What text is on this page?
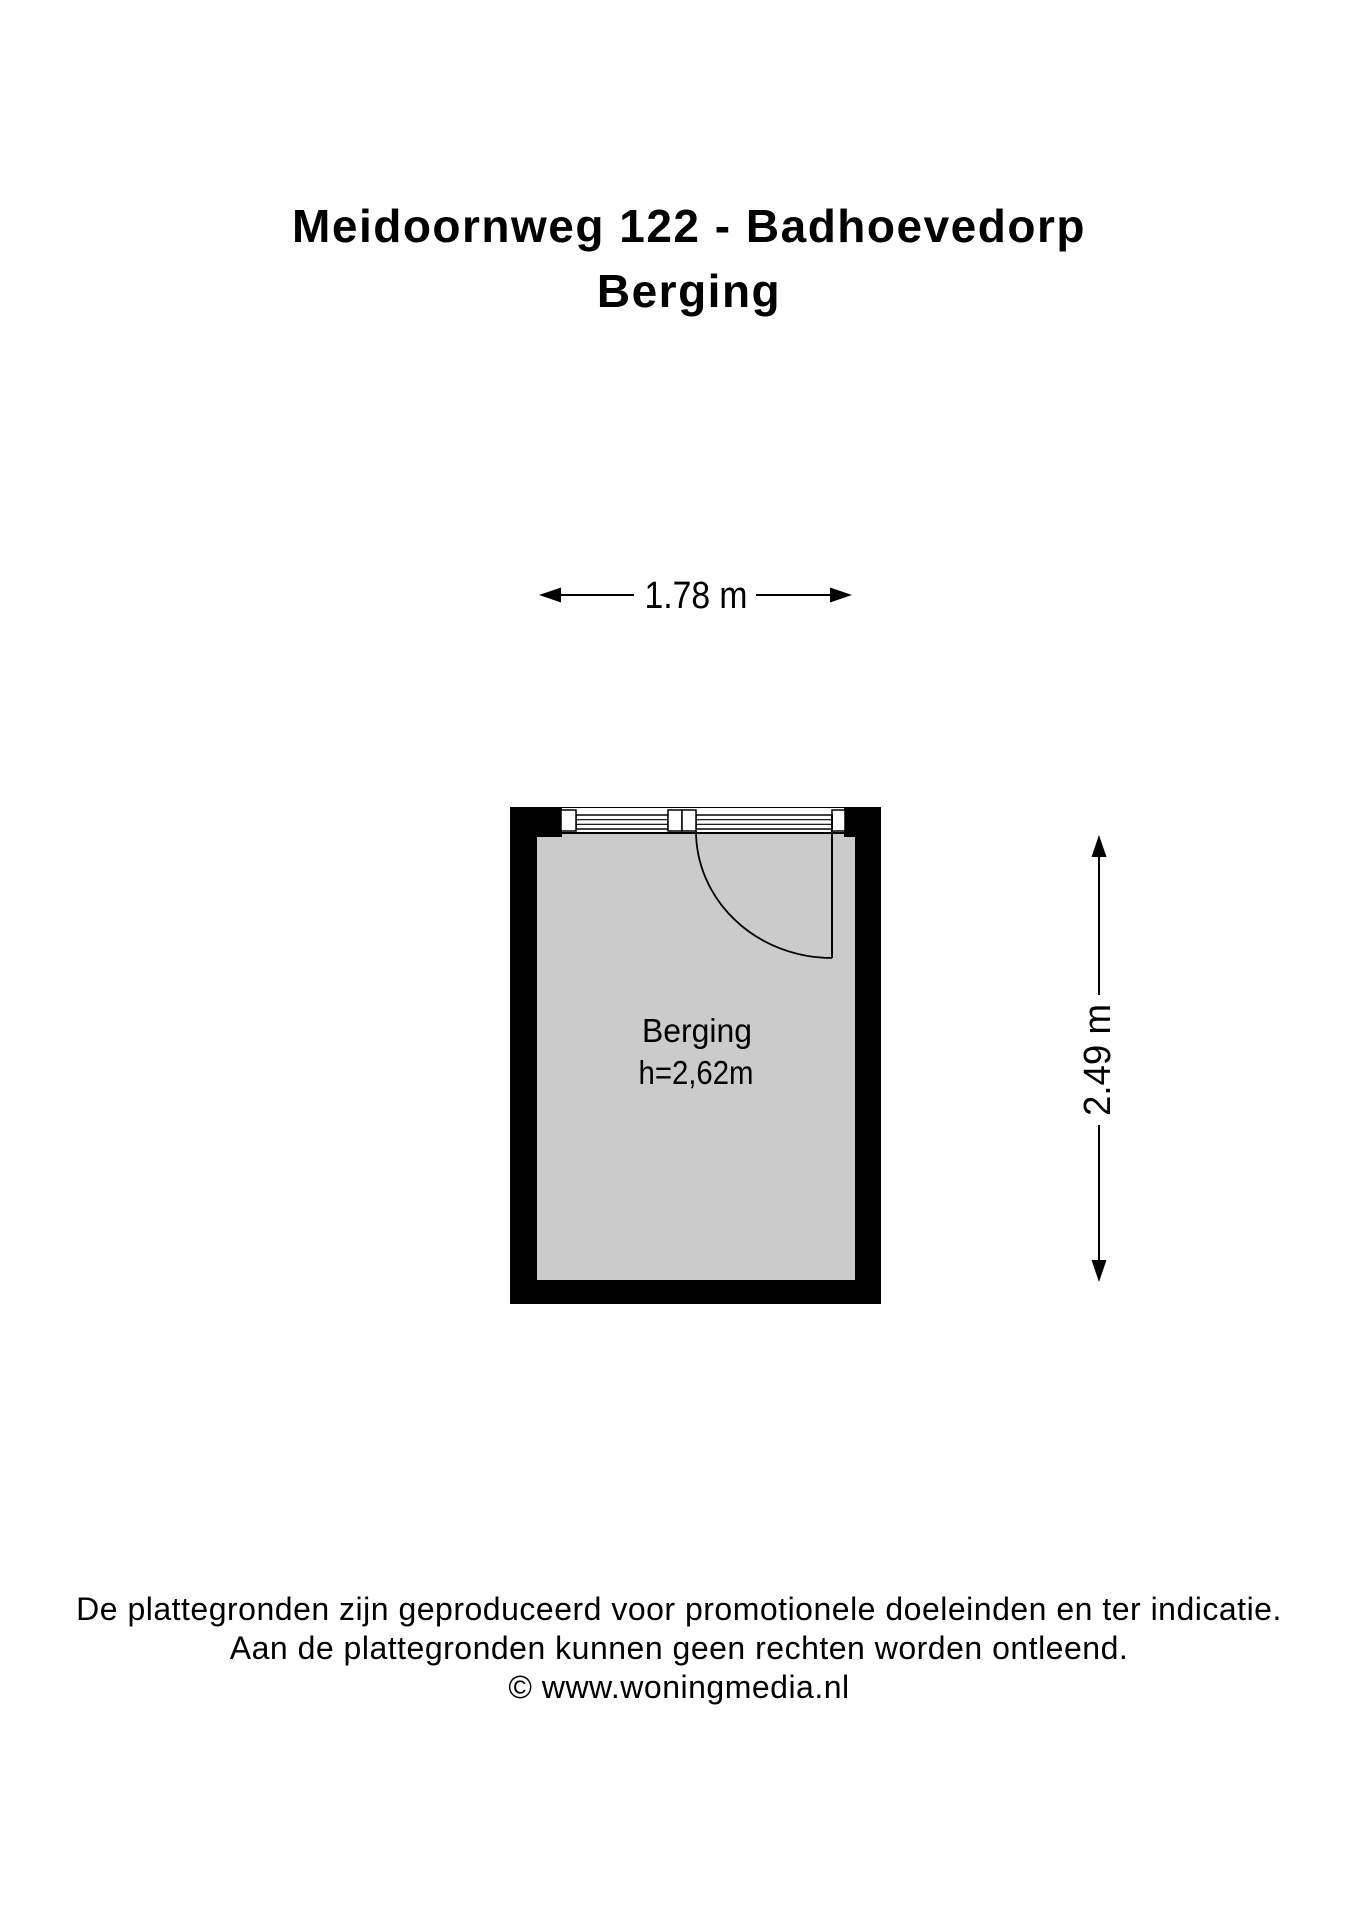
Meidoornweg 122 - Badhoevedorp
Berging
1.78 m
Berging
h=2,62m	2.49 m
De plattegronden zijn geproduceerd voor promotionele doeleinden en ter indicatie.
Aan de plattegronden kunnen geen rechten worden ontleend.
© www.woningmedia.nl
